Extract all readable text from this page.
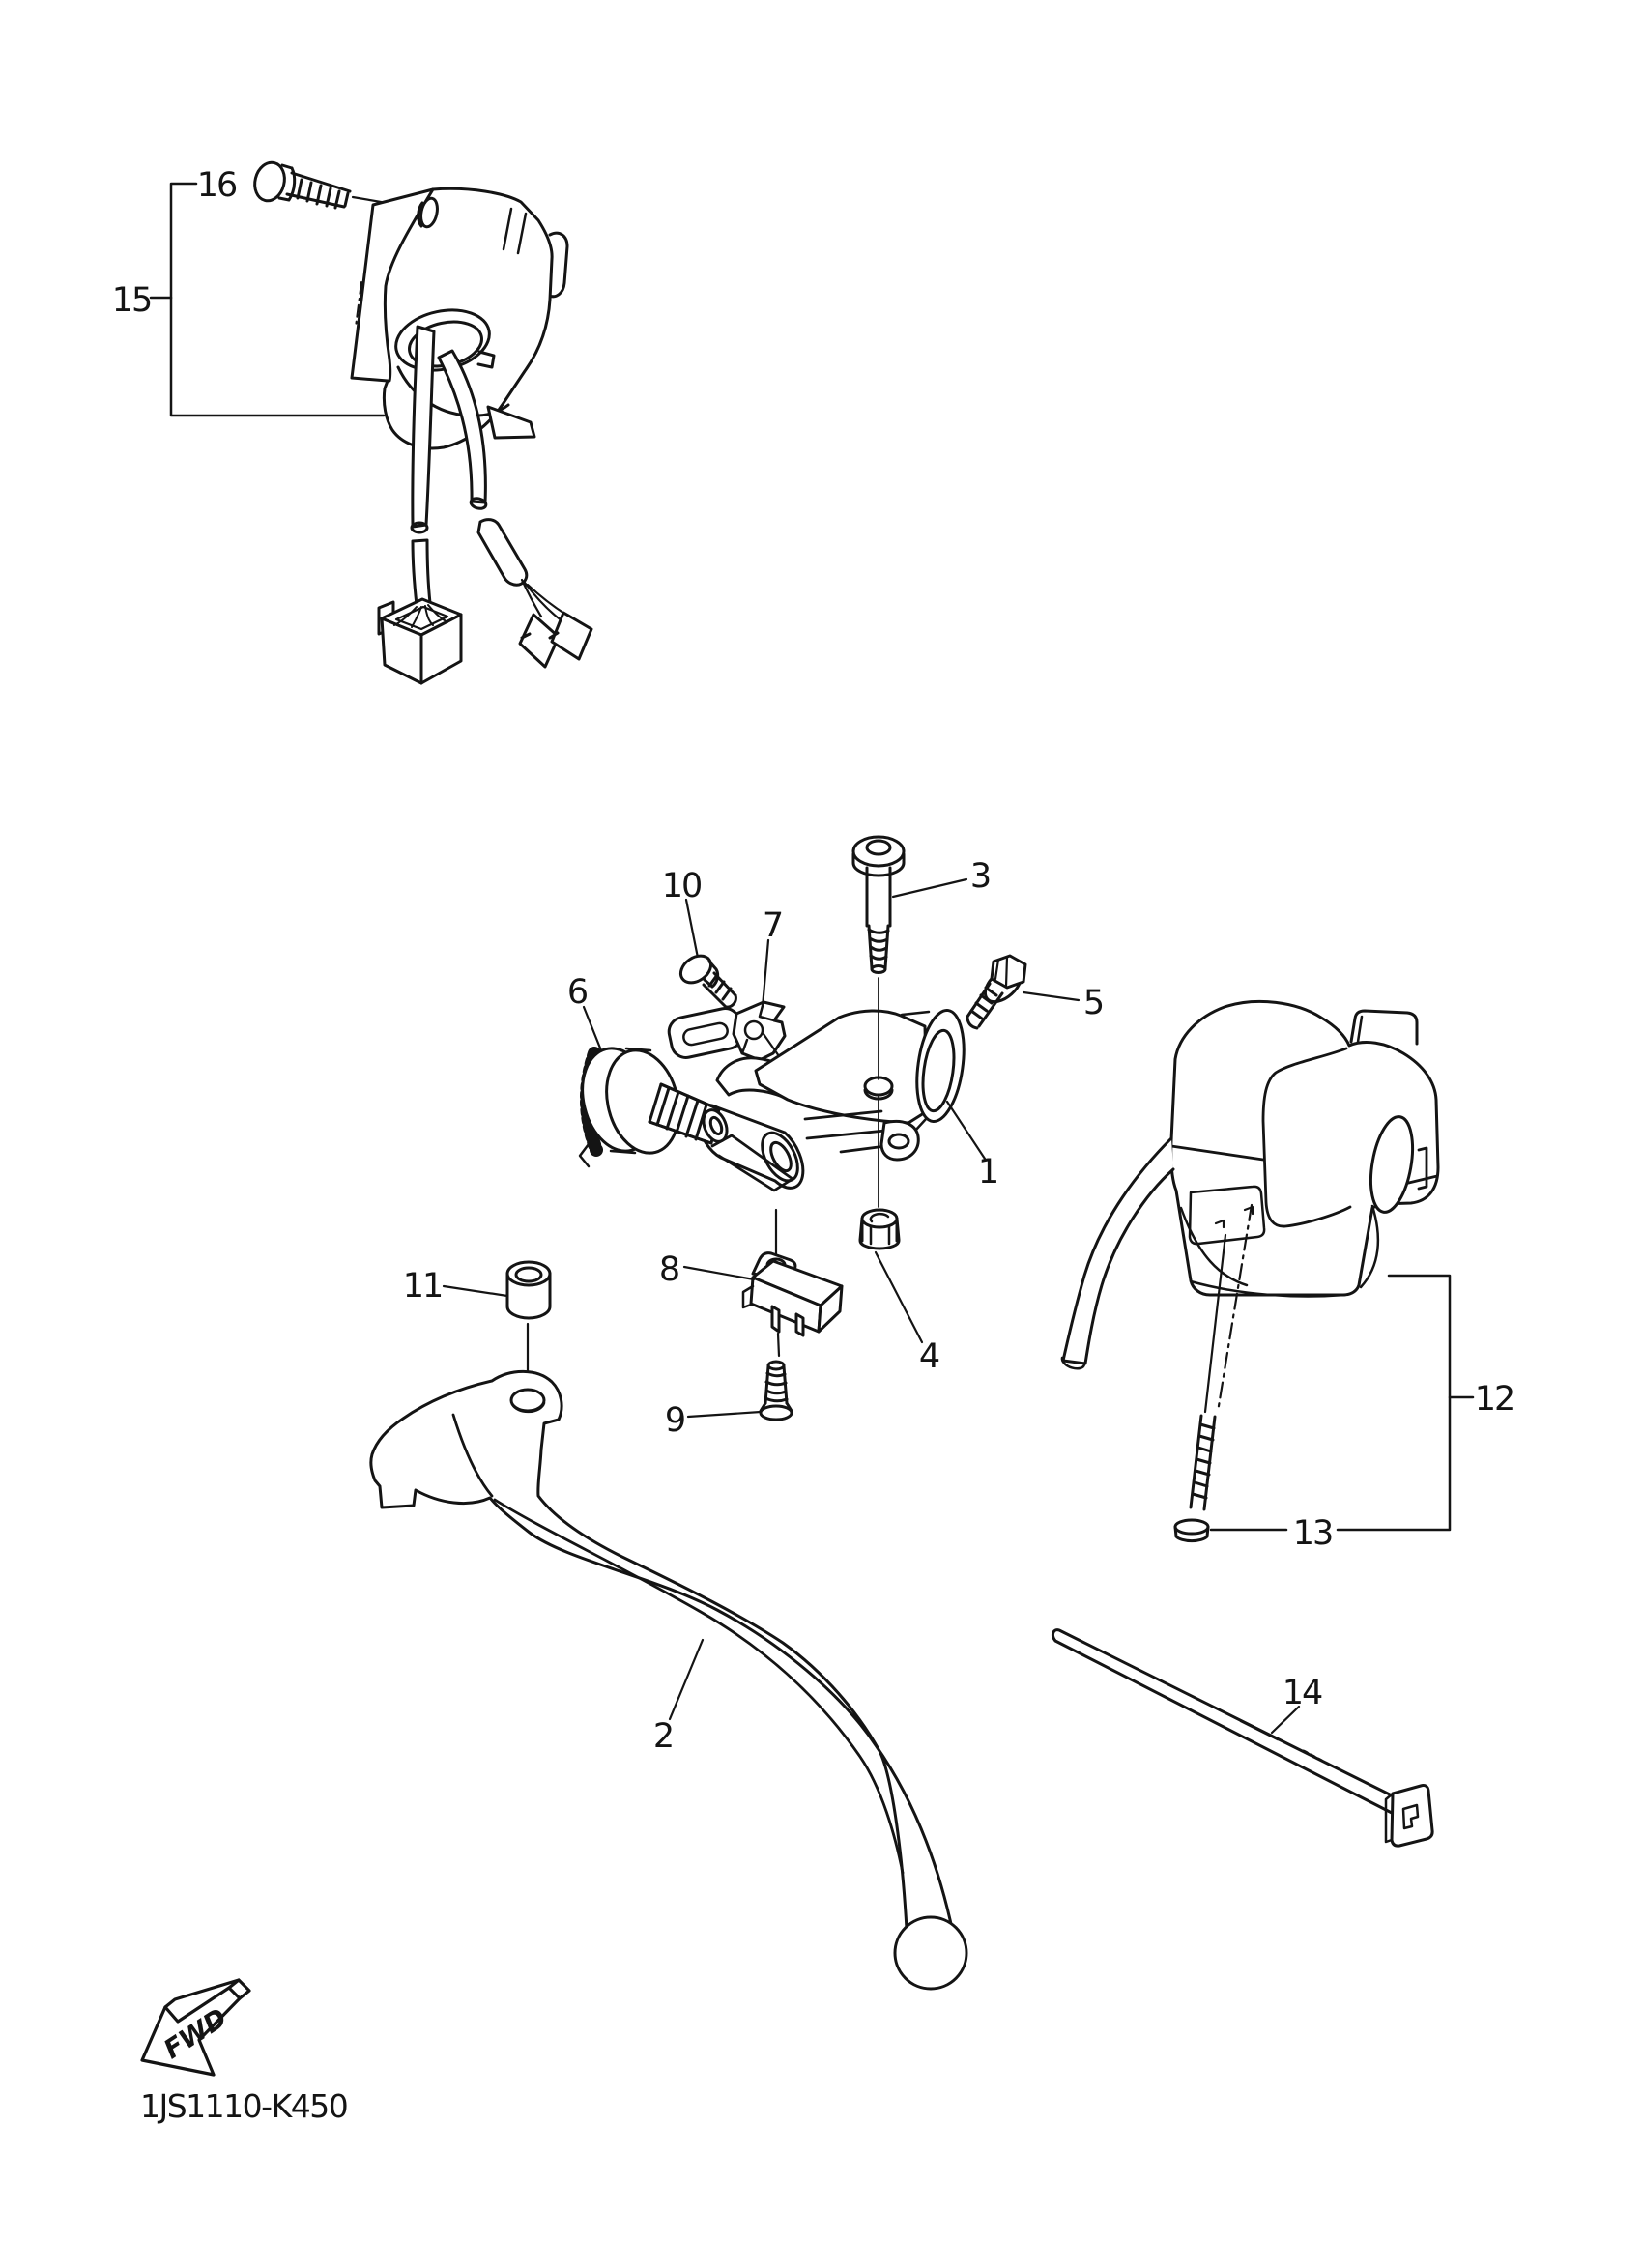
FWD
1
2
3
4
5
6
7
8
9
10
11
12
13
14
15
16
1JS1110-K450
